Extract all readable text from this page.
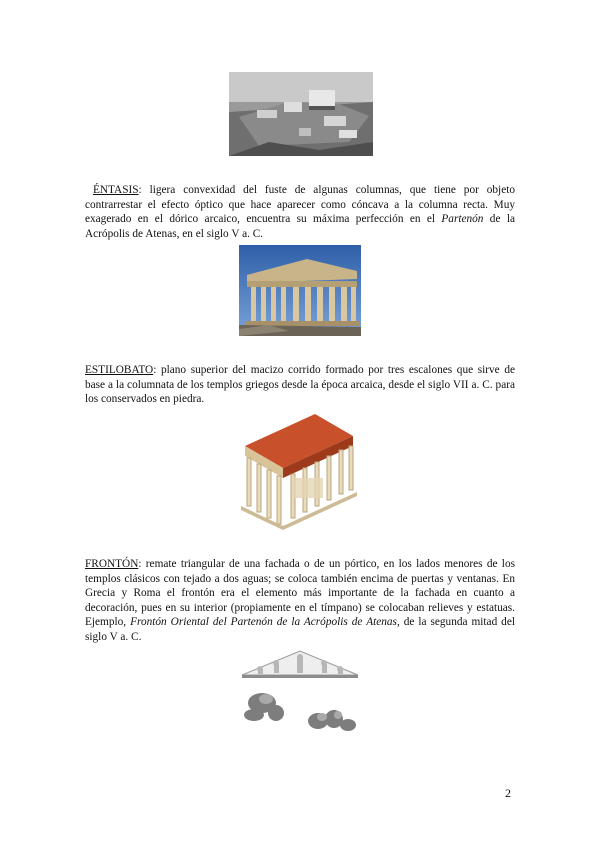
ÉNTASIS: ligera convexidad del fuste de algunas columnas, que tiene por objeto contrarrestar el efecto óptico que hace aparecer como cóncava a la columna recta. Muy exagerado en el dórico arcaico, encuentra su máxima perfección en el Partenón de la Acrópolis de Atenas, en el siglo V a. C.

ESTILOBATO: plano superior del macizo corrido formado por tres escalones que sirve de base a la columnata de los templos griegos desde la época arcaica, desde el siglo VII a. C. para los conservados en piedra.

FRONTÓN: remate triangular de una fachada o de un pórtico, en los lados menores de los templos clásicos con tejado a dos aguas; se coloca también encima de puertas y ventanas. En Grecia y Roma el frontón era el elemento más importante de la fachada en cuanto a decoración, pues en su interior (propiamente en el tímpano) se colocaban relieves y estatuas. Ejemplo, Frontón Oriental del Partenón de la Acrópolis de Atenas, de la segunda mitad del siglo V a. C.

2
